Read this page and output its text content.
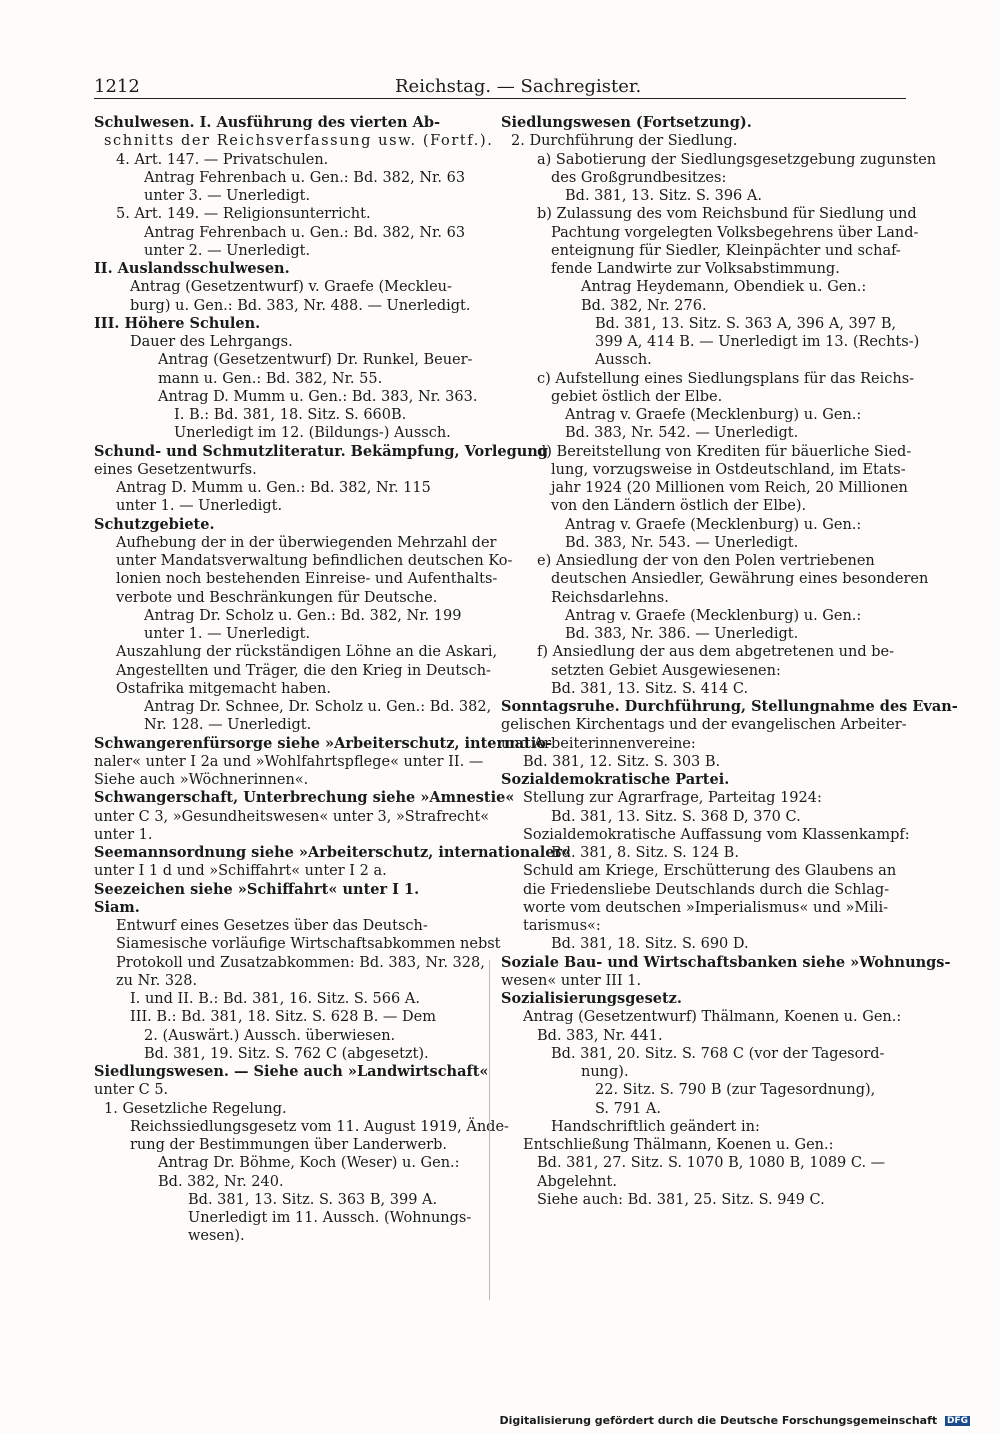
1212	Reichstag. — Sachregister.
Schulwesen. I. Ausführung des vierten Ab-
schnitts der Reichsverfassung usw. (Fortf.).
4. Art. 147. — Privatschulen.
Antrag Fehrenbach u. Gen.: Bd. 382, Nr. 63
unter 3. — Unerledigt.
5. Art. 149. — Religionsunterricht.
Antrag Fehrenbach u. Gen.: Bd. 382, Nr. 63
unter 2. — Unerledigt.
II. Auslandsschulwesen.
Antrag (Gesetzentwurf) v. Graefe (Meckleu-
burg) u. Gen.: Bd. 383, Nr. 488. — Unerledigt.
III. Höhere Schulen.
Dauer des Lehrgangs.
Antrag (Gesetzentwurf) Dr. Runkel, Beuer-
mann u. Gen.: Bd. 382, Nr. 55.
Antrag D. Mumm u. Gen.: Bd. 383, Nr. 363.
I. B.: Bd. 381, 18. Sitz. S. 660B.
Unerledigt im 12. (Bildungs-) Aussch.
Schund- und Schmutzliteratur. Bekämpfung, Vorlegung
eines Gesetzentwurfs.
Antrag D. Mumm u. Gen.: Bd. 382, Nr. 115
unter 1. — Unerledigt.
Schutzgebiete.
Aufhebung der in der überwiegenden Mehrzahl der
unter Mandatsverwaltung befindlichen deutschen Ko-
lonien noch bestehenden Einreise- und Aufenthalts-
verbote und Beschränkungen für Deutsche.
Antrag Dr. Scholz u. Gen.: Bd. 382, Nr. 199
unter 1. — Unerledigt.
Auszahlung der rückständigen Löhne an die Askari,
Angestellten und Träger, die den Krieg in Deutsch-
Ostafrika mitgemacht haben.
Antrag Dr. Schnee, Dr. Scholz u. Gen.: Bd. 382,
Nr. 128. — Unerledigt.
Schwangerenfürsorge siehe »Arbeiterschutz, internatio-
naler« unter I 2a und »Wohlfahrtspflege« unter II. —
Siehe auch »Wöchnerinnen«.
Schwangerschaft, Unterbrechung siehe »Amnestie«
unter C 3, »Gesundheitswesen« unter 3, »Strafrecht«
unter 1.
Seemannsordnung siehe »Arbeiterschutz, internationaler«
unter I 1 d und »Schiffahrt« unter I 2 a.
Seezeichen siehe »Schiffahrt« unter I 1.
Siam.
Entwurf eines Gesetzes über das Deutsch-
Siamesische vorläufige Wirtschaftsabkommen nebst
Protokoll und Zusatzabkommen: Bd. 383, Nr. 328,
zu Nr. 328.
I. und II. B.: Bd. 381, 16. Sitz. S. 566 A.
III. B.: Bd. 381, 18. Sitz. S. 628 B. — Dem
2. (Auswärt.) Aussch. überwiesen.
Bd. 381, 19. Sitz. S. 762 C (abgesetzt).
Siedlungswesen. — Siehe auch »Landwirtschaft«
unter C 5.
1. Gesetzliche Regelung.
Reichssiedlungsgesetz vom 11. August 1919, Ände-
rung der Bestimmungen über Landerwerb.
Antrag Dr. Böhme, Koch (Weser) u. Gen.:
Bd. 382, Nr. 240.
Bd. 381, 13. Sitz. S. 363 B, 399 A.
Unerledigt im 11. Aussch. (Wohnungs-
wesen).
Siedlungswesen (Fortsetzung).
2. Durchführung der Siedlung.
a) Sabotierung der Siedlungsgesetzgebung zugunsten
des Großgrundbesitzes:
Bd. 381, 13. Sitz. S. 396 A.
b) Zulassung des vom Reichsbund für Siedlung und
Pachtung vorgelegten Volksbegehrens über Land-
enteignung für Siedler, Kleinpächter und schaf-
fende Landwirte zur Volksabstimmung.
Antrag Heydemann, Obendiek u. Gen.:
Bd. 382, Nr. 276.
Bd. 381, 13. Sitz. S. 363 A, 396 A, 397 B,
399 A, 414 B. — Unerledigt im 13. (Rechts-)
Aussch.
c) Aufstellung eines Siedlungsplans für das Reichs-
gebiet östlich der Elbe.
Antrag v. Graefe (Mecklenburg) u. Gen.:
Bd. 383, Nr. 542. — Unerledigt.
d) Bereitstellung von Krediten für bäuerliche Sied-
lung, vorzugsweise in Ostdeutschland, im Etats-
jahr 1924 (20 Millionen vom Reich, 20 Millionen
von den Ländern östlich der Elbe).
Antrag v. Graefe (Mecklenburg) u. Gen.:
Bd. 383, Nr. 543. — Unerledigt.
e) Ansiedlung der von den Polen vertriebenen
deutschen Ansiedler, Gewährung eines besonderen
Reichsdarlehns.
Antrag v. Graefe (Mecklenburg) u. Gen.:
Bd. 383, Nr. 386. — Unerledigt.
f) Ansiedlung der aus dem abgetretenen und be-
setzten Gebiet Ausgewiesenen:
Bd. 381, 13. Sitz. S. 414 C.
Sonntagsruhe. Durchführung, Stellungnahme des Evan-
gelischen Kirchentags und der evangelischen Arbeiter-
und Arbeiterinnenvereine:
Bd. 381, 12. Sitz. S. 303 B.
Sozialdemokratische Partei.
Stellung zur Agrarfrage, Parteitag 1924:
Bd. 381, 13. Sitz. S. 368 D, 370 C.
Sozialdemokratische Auffassung vom Klassenkampf:
Bd. 381, 8. Sitz. S. 124 B.
Schuld am Kriege, Erschütterung des Glaubens an
die Friedensliebe Deutschlands durch die Schlag-
worte vom deutschen »Imperialismus« und »Mili-
tarismus«:
Bd. 381, 18. Sitz. S. 690 D.
Soziale Bau- und Wirtschaftsbanken siehe »Wohnungs-
wesen« unter III 1.
Sozialisierungsgesetz.
Antrag (Gesetzentwurf) Thälmann, Koenen u. Gen.:
Bd. 383, Nr. 441.
Bd. 381, 20. Sitz. S. 768 C (vor der Tagesord-
nung).
22. Sitz. S. 790 B (zur Tagesordnung),
S. 791 A.
Handschriftlich geändert in:
Entschließung Thälmann, Koenen u. Gen.:
Bd. 381, 27. Sitz. S. 1070 B, 1080 B, 1089 C. —
Abgelehnt.
Siehe auch: Bd. 381, 25. Sitz. S. 949 C.
Digitalisierung gefördert durch die Deutsche Forschungsgemeinschaft DFG
